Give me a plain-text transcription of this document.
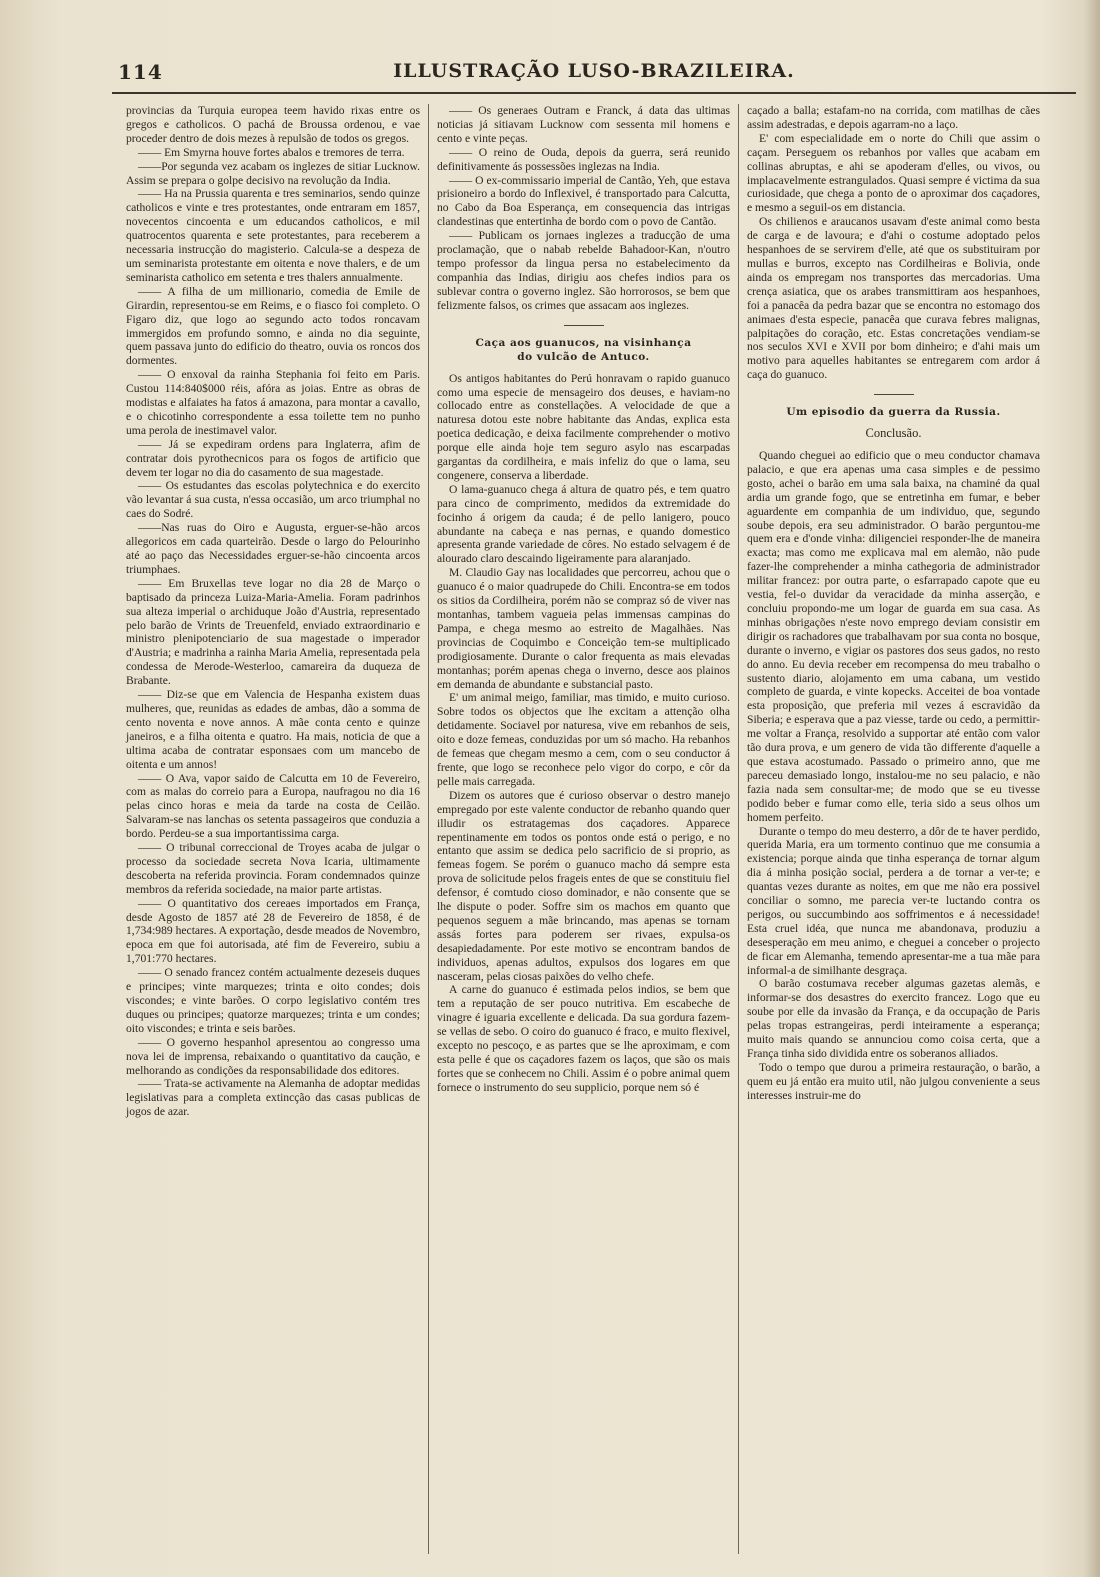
114	ILLUSTRAÇÃO LUSO-BRAZILEIRA.

provincias da Turquia europea teem havido rixas entre os gregos e catholicos. O pachá de Broussa ordenou, e vae proceder dentro de dois mezes à repulsão de todos os gregos.

—— Em Smyrna houve fortes abalos e tremores de terra.

——Por segunda vez acabam os inglezes de sitiar Lucknow. Assim se prepara o golpe decisivo na revolução da India.

—— Ha na Prussia quarenta e tres seminarios, sendo quinze catholicos e vinte e tres protestantes, onde entraram em 1857, novecentos cincoenta e um educandos catholicos, e mil quatrocentos quarenta e sete protestantes, para receberem a necessaria instrucção do magisterio. Calcula-se a despeza de um seminarista protestante em oitenta e nove thalers, e de um seminarista catholico em setenta e tres thalers annualmente.

—— A filha de um millionario, comedia de Emile de Girardin, representou-se em Reims, e o fiasco foi completo. O Figaro diz, que logo ao segundo acto todos roncavam immergidos em profundo somno, e ainda no dia seguinte, quem passava junto do edificio do theatro, ouvia os roncos dos dormentes.

—— O enxoval da rainha Stephania foi feito em Paris. Custou 114:840$000 réis, afóra as joias. Entre as obras de modistas e alfaiates ha fatos á amazona, para montar a cavallo, e o chicotinho correspondente a essa toilette tem no punho uma perola de inestimavel valor.

—— Já se expediram ordens para Inglaterra, afim de contratar dois pyrothecnicos para os fogos de artificio que devem ter logar no dia do casamento de sua magestade.

—— Os estudantes das escolas polytechnica e do exercito vão levantar á sua custa, n'essa occasião, um arco triumphal no caes do Sodré.

——Nas ruas do Oiro e Augusta, erguer-se-hão arcos allegoricos em cada quarteirão. Desde o largo do Pelourinho até ao paço das Necessidades erguer-se-hão cincoenta arcos triumphaes.

—— Em Bruxellas teve logar no dia 28 de Março o baptisado da princeza Luiza-Maria-Amelia. Foram padrinhos sua alteza imperial o archiduque João d'Austria, representado pelo barão de Vrints de Treuenfeld, enviado extraordinario e ministro plenipotenciario de sua magestade o imperador d'Austria; e madrinha a rainha Maria Amelia, representada pela condessa de Merode-Westerloo, camareira da duqueza de Brabante.

—— Diz-se que em Valencia de Hespanha existem duas mulheres, que, reunidas as edades de ambas, dão a somma de cento noventa e nove annos. A mãe conta cento e quinze janeiros, e a filha oitenta e quatro. Ha mais, noticia de que a ultima acaba de contratar esponsaes com um mancebo de oitenta e um annos!

—— O Ava, vapor saido de Calcutta em 10 de Fevereiro, com as malas do correio para a Europa, naufragou no dia 16 pelas cinco horas e meia da tarde na costa de Ceilão. Salvaram-se nas lanchas os setenta passageiros que conduzia a bordo. Perdeu-se a sua importantissima carga.

—— O tribunal correccional de Troyes acaba de julgar o processo da sociedade secreta Nova Icaria, ultimamente descoberta na referida provincia. Foram condemnados quinze membros da referida sociedade, na maior parte artistas.

—— O quantitativo dos cereaes importados em França, desde Agosto de 1857 até 28 de Fevereiro de 1858, é de 1,734:989 hectares. A exportação, desde meados de Novembro, epoca em que foi autorisada, até fim de Fevereiro, subiu a 1,701:770 hectares.

—— O senado francez contém actualmente dezeseis duques e principes; vinte marquezes; trinta e oito condes; dois viscondes; e vinte barões. O corpo legislativo contém tres duques ou principes; quatorze marquezes; trinta e um condes; oito viscondes; e trinta e seis barões.

—— O governo hespanhol apresentou ao congresso uma nova lei de imprensa, rebaixando o quantitativo da caução, e melhorando as condições da responsabilidade dos editores.

—— Trata-se activamente na Alemanha de adoptar medidas legislativas para a completa extincção das casas publicas de jogos de azar.

—— Os generaes Outram e Franck, á data das ultimas noticias já sitiavam Lucknow com sessenta mil homens e cento e vinte peças.

—— O reino de Ouda, depois da guerra, será reunido definitivamente ás possessões inglezas na India.

—— O ex-commissario imperial de Cantão, Yeh, que estava prisioneiro a bordo do Inflexivel, é transportado para Calcutta, no Cabo da Boa Esperança, em consequencia das intrigas clandestinas que entertinha de bordo com o povo de Cantão.

—— Publicam os jornaes inglezes a traducção de uma proclamação, que o nabab rebelde Bahadoor-Kan, n'outro tempo professor da lingua persa no estabelecimento da companhia das Indias, dirigiu aos chefes indios para os sublevar contra o governo inglez. São horrorosos, se bem que felizmente falsos, os crimes que assacam aos inglezes.

Caça aos guanucos, na visinhança
do vulcão de Antuco.

Os antigos habitantes do Perú honravam o rapido guanuco como uma especie de mensageiro dos deuses, e haviam-no collocado entre as constellações. A velocidade de que a naturesa dotou este nobre habitante das Andas, explica esta poetica dedicação, e deixa facilmente comprehender o motivo porque elle ainda hoje tem seguro asylo nas escarpadas gargantas da cordilheira, e mais infeliz do que o lama, seu congenere, conserva a liberdade.

O lama-guanuco chega á altura de quatro pés, e tem quatro para cinco de comprimento, medidos da extremidade do focinho á origem da cauda; é de pello lanigero, pouco abundante na cabeça e nas pernas, e quando domestico apresenta grande variedade de côres. No estado selvagem é de alourado claro descaindo ligeiramente para alaranjado.

M. Claudio Gay nas localidades que percorreu, achou que o guanuco é o maior quadrupede do Chili. Encontra-se em todos os sitios da Cordilheira, porém não se compraz só de viver nas montanhas, tambem vagueia pelas immensas campinas do Pampa, e chega mesmo ao estreito de Magalhães. Nas provincias de Coquimbo e Conceição tem-se multiplicado prodigiosamente. Durante o calor frequenta as mais elevadas montanhas; porém apenas chega o inverno, desce aos plainos em demanda de abundante e substancial pasto.

E' um animal meigo, familiar, mas timido, e muito curioso. Sobre todos os objectos que lhe excitam a attenção olha detidamente. Sociavel por naturesa, vive em rebanhos de seis, oito e doze femeas, conduzidas por um só macho. Ha rebanhos de femeas que chegam mesmo a cem, com o seu conductor á frente, que logo se reconhece pelo vigor do corpo, e côr da pelle mais carregada.

Dizem os autores que é curioso observar o destro manejo empregado por este valente conductor de rebanho quando quer illudir os estratagemas dos caçadores. Apparece repentinamente em todos os pontos onde está o perigo, e no entanto que assim se dedica pelo sacrificio de si proprio, as femeas fogem. Se porém o guanuco macho dá sempre esta prova de solicitude pelos frageis entes de que se constituiu fiel defensor, é comtudo cioso dominador, e não consente que se lhe dispute o poder. Soffre sim os machos em quanto que pequenos seguem a mãe brincando, mas apenas se tornam assás fortes para poderem ser rivaes, expulsa-os desapiedadamente. Por este motivo se encontram bandos de individuos, apenas adultos, expulsos dos logares em que nasceram, pelas ciosas paixões do velho chefe.

A carne do guanuco é estimada pelos indios, se bem que tem a reputação de ser pouco nutritiva. Em escabeche de vinagre é iguaria excellente e delicada. Da sua gordura fazem-se vellas de sebo. O coiro do guanuco é fraco, e muito flexivel, excepto no pescoço, e as partes que se lhe aproximam, e com esta pelle é que os caçadores fazem os laços, que são os mais fortes que se conhecem no Chili. Assim é o pobre animal quem fornece o instrumento do seu supplicio, porque nem só é

caçado a balla; estafam-no na corrida, com matilhas de cães assim adestradas, e depois agarram-no a laço.

E' com especialidade em o norte do Chili que assim o caçam. Perseguem os rebanhos por valles que acabam em collinas abruptas, e ahi se apoderam d'elles, ou vivos, ou implacavelmente estrangulados. Quasi sempre é victima da sua curiosidade, que chega a ponto de o aproximar dos caçadores, e mesmo a seguil-os em distancia.

Os chilienos e araucanos usavam d'este animal como besta de carga e de lavoura; e d'ahi o costume adoptado pelos hespanhoes de se servirem d'elle, até que os substituiram por mullas e burros, excepto nas Cordilheiras e Bolivia, onde ainda os empregam nos transportes das mercadorias. Uma crença asiatica, que os arabes transmittiram aos hespanhoes, foi a panacêa da pedra bazar que se encontra no estomago dos animaes d'esta especie, panacêa que curava febres malignas, palpitações do coração, etc. Estas concretações vendiam-se nos seculos XVI e XVII por bom dinheiro; e d'ahi mais um motivo para aquelles habitantes se entregarem com ardor á caça do guanuco.

Um episodio da guerra da Russia.
Conclusão.

Quando cheguei ao edificio que o meu conductor chamava palacio, e que era apenas uma casa simples e de pessimo gosto, achei o barão em uma sala baixa, na chaminé da qual ardia um grande fogo, que se entretinha em fumar, e beber aguardente em companhia de um individuo, que, segundo soube depois, era seu administrador. O barão perguntou-me quem era e d'onde vinha: diligenciei responder-lhe de maneira exacta; mas como me explicava mal em alemão, não pude fazer-lhe comprehender a minha cathegoria de administrador militar francez: por outra parte, o esfarrapado capote que eu vestia, fel-o duvidar da veracidade da minha asserção, e concluiu propondo-me um logar de guarda em sua casa. As minhas obrigações n'este novo emprego deviam consistir em dirigir os rachadores que trabalhavam por sua conta no bosque, durante o inverno, e vigiar os pastores dos seus gados, no resto do anno. Eu devia receber em recompensa do meu trabalho o sustento diario, alojamento em uma cabana, um vestido completo de guarda, e vinte kopecks. Acceitei de boa vontade esta proposição, que preferia mil vezes á escravidão da Siberia; e esperava que a paz viesse, tarde ou cedo, a permittir-me voltar a França, resolvido a supportar até então com valor tão dura prova, e um genero de vida tão differente d'aquelle a que estava acostumado. Passado o primeiro anno, que me pareceu demasiado longo, instalou-me no seu palacio, e não fazia nada sem consultar-me; de modo que se eu tivesse podido beber e fumar como elle, teria sido a seus olhos um homem perfeito.

Durante o tempo do meu desterro, a dôr de te haver perdido, querida Maria, era um tormento continuo que me consumia a existencia; porque ainda que tinha esperança de tornar algum dia á minha posição social, perdera a de tornar a ver-te; e quantas vezes durante as noites, em que me não era possivel conciliar o somno, me parecia ver-te luctando contra os perigos, ou succumbindo aos soffrimentos e á necessidade! Esta cruel idéa, que nunca me abandonava, produziu a desesperação em meu animo, e cheguei a conceber o projecto de ficar em Alemanha, temendo apresentar-me a tua mãe para informal-a de similhante desgraça.

O barão costumava receber algumas gazetas alemãs, e informar-se dos desastres do exercito francez. Logo que eu soube por elle da invasão da França, e da occupação de Paris pelas tropas estrangeiras, perdi inteiramente a esperança; muito mais quando se annunciou como coisa certa, que a França tinha sido dividida entre os soberanos alliados.

Todo o tempo que durou a primeira restauração, o barão, a quem eu já então era muito util, não julgou conveniente a seus interesses instruir-me do
